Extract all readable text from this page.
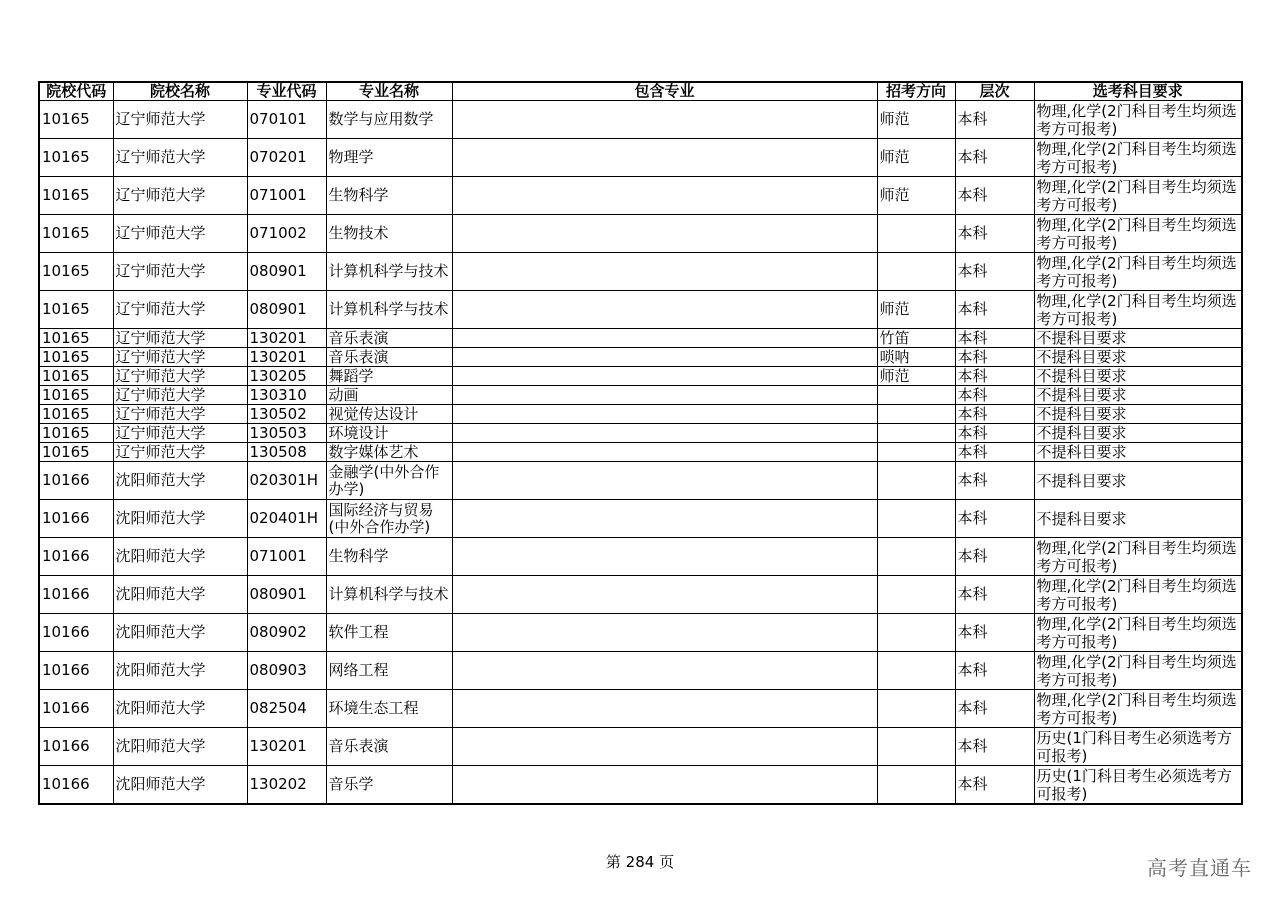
院校代码	院校名称	专业代码	专业名称	包含专业	招考方向	层次	选考科目要求
10165	辽宁师范大学	070101	数学与应用数学		师范	本科	物理,化学(2门科目考生均须选考方可报考)
10165	辽宁师范大学	070201	物理学		师范	本科	物理,化学(2门科目考生均须选考方可报考)
10165	辽宁师范大学	071001	生物科学		师范	本科	物理,化学(2门科目考生均须选考方可报考)
10165	辽宁师范大学	071002	生物技术			本科	物理,化学(2门科目考生均须选考方可报考)
10165	辽宁师范大学	080901	计算机科学与技术			本科	物理,化学(2门科目考生均须选考方可报考)
10165	辽宁师范大学	080901	计算机科学与技术		师范	本科	物理,化学(2门科目考生均须选考方可报考)
10165	辽宁师范大学	130201	音乐表演		竹笛	本科	不提科目要求
10165	辽宁师范大学	130201	音乐表演		唢呐	本科	不提科目要求
10165	辽宁师范大学	130205	舞蹈学		师范	本科	不提科目要求
10165	辽宁师范大学	130310	动画			本科	不提科目要求
10165	辽宁师范大学	130502	视觉传达设计			本科	不提科目要求
10165	辽宁师范大学	130503	环境设计			本科	不提科目要求
10165	辽宁师范大学	130508	数字媒体艺术			本科	不提科目要求
10166	沈阳师范大学	020301H	金融学(中外合作办学)			本科	不提科目要求
10166	沈阳师范大学	020401H	国际经济与贸易(中外合作办学)			本科	不提科目要求
10166	沈阳师范大学	071001	生物科学			本科	物理,化学(2门科目考生均须选考方可报考)
10166	沈阳师范大学	080901	计算机科学与技术			本科	物理,化学(2门科目考生均须选考方可报考)
10166	沈阳师范大学	080902	软件工程			本科	物理,化学(2门科目考生均须选考方可报考)
10166	沈阳师范大学	080903	网络工程			本科	物理,化学(2门科目考生均须选考方可报考)
10166	沈阳师范大学	082504	环境生态工程			本科	物理,化学(2门科目考生均须选考方可报考)
10166	沈阳师范大学	130201	音乐表演			本科	历史(1门科目考生必须选考方可报考)
10166	沈阳师范大学	130202	音乐学			本科	历史(1门科目考生必须选考方可报考)
第 284 页	高考直通车
